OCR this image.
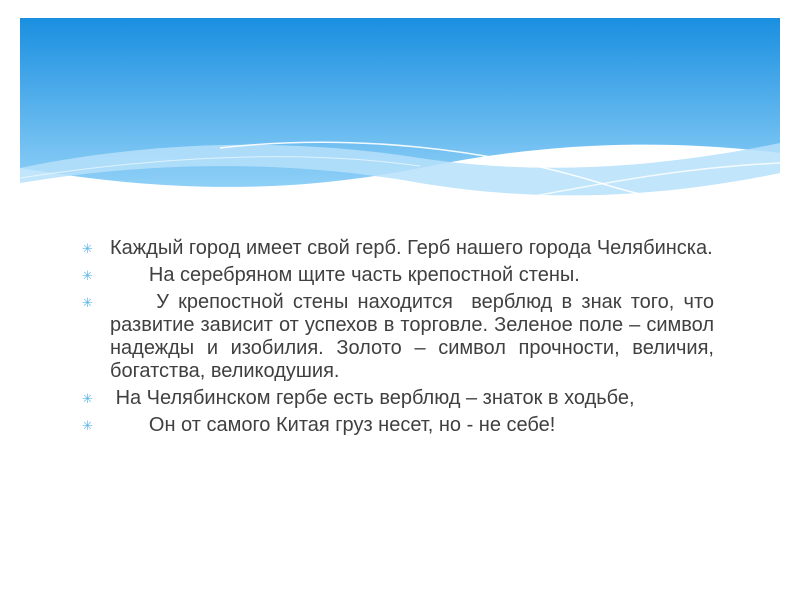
✳ Каждый город имеет свой герб. Герб нашего города Челябинска.
✳	На серебряном щите часть крепостной стены.
✳	У крепостной стены находится  верблюд в знак того, что развитие зависит от успехов в торговле. Зеленое поле – символ надежды и изобилия. Золото – символ прочности, величия, богатства, великодушия.
✳ На Челябинском гербе есть верблюд – знаток в ходьбе,
✳	Он от самого Китая груз несет, но - не себе!
